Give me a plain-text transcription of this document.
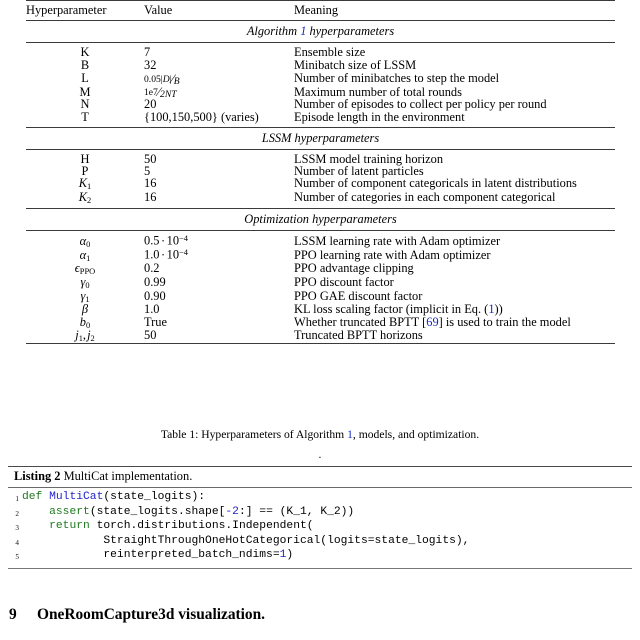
Hyperparameter	Value	Meaning
Algorithm 1 hyperparameters		

K	7	Ensemble size
B	32	Minibatch size of LSSM
L	0.05|D|⁄B	Number of minibatches to step the model
M	1e7⁄2NT	Maximum number of total rounds
N	20	Number of episodes to collect per policy per round
T	{100,150,500} (varies)	Episode length in the environment

LSSM hyperparameters		

H	50	LSSM model training horizon
P	5	Number of latent particles
$K_1$	16	Number of component categoricals in latent distributions
$K_2$	16	Number of categories in each component categorical

Optimization hyperparameters		

$\alpha_0$	$0.5 \cdot 10^{-4}$	LSSM learning rate with Adam optimizer
$\alpha_1$	$1.0 \cdot 10^{-4}$	PPO learning rate with Adam optimizer
$\epsilon_{PPO}$	0.2	PPO advantage clipping
$\gamma_0$	0.99	PPO discount factor
$\gamma_1$	0.90	PPO GAE discount factor
β	1.0	KL loss scaling factor (implicit in Eq. (1))
$b_0$	True	Whether truncated BPTT [69] is used to train the model
$j_1$, $j_2$	50	Truncated BPTT horizons

Table 1: Hyperparameters of Algorithm 1, models, and optimization.
.
Listing 2 MultiCat implementation.
1 def MultiCat(state_logits):
2	assert(state_logits.shape[-2:] == (K_1, K_2))
3	return torch.distributions.Independent(
4 StraightThroughOneHotCategorical(logits=state_logits),
5 reinterpreted_batch_ndims=1)
9 OneRoomCapture3d visualization.
